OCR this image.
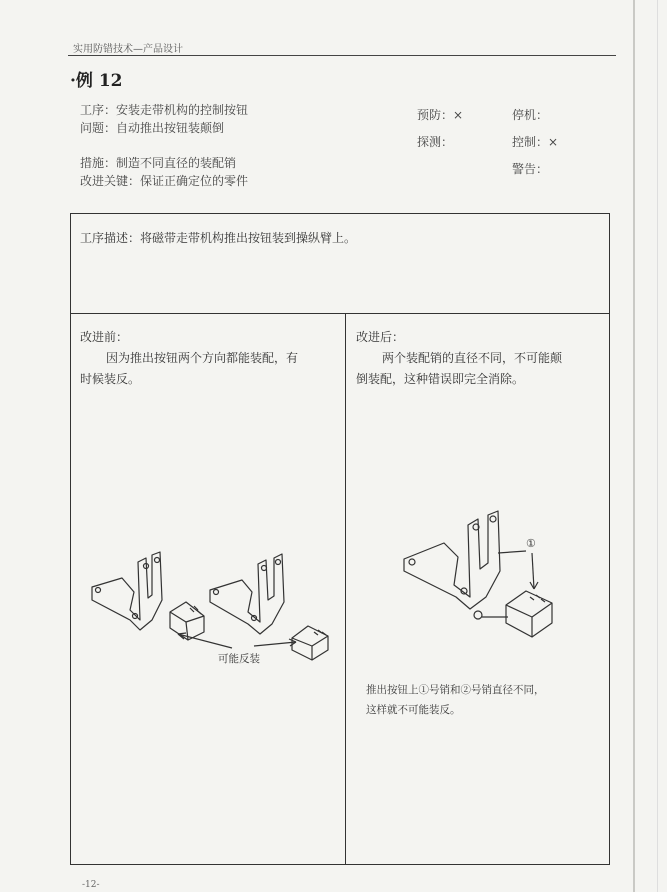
实用防错技术—产品设计
·例 12
工序：安装走带机构的控制按钮
问题：自动推出按钮装颠倒
措施：制造不同直径的装配销
改进关键：保证正确定位的零件
预防：×
探测：
停机：
控制：×
警告：
工序描述：将磁带走带机构推出按钮装到操纵臂上。
改进前：
因为推出按钮两个方向都能装配，有
时候装反。
改进后：
两个装配销的直径不同，不可能颠
倒装配，这种错误即完全消除。
可能反装
①
推出按钮上①号销和②号销直径不同，
这样就不可能装反。
-12-
